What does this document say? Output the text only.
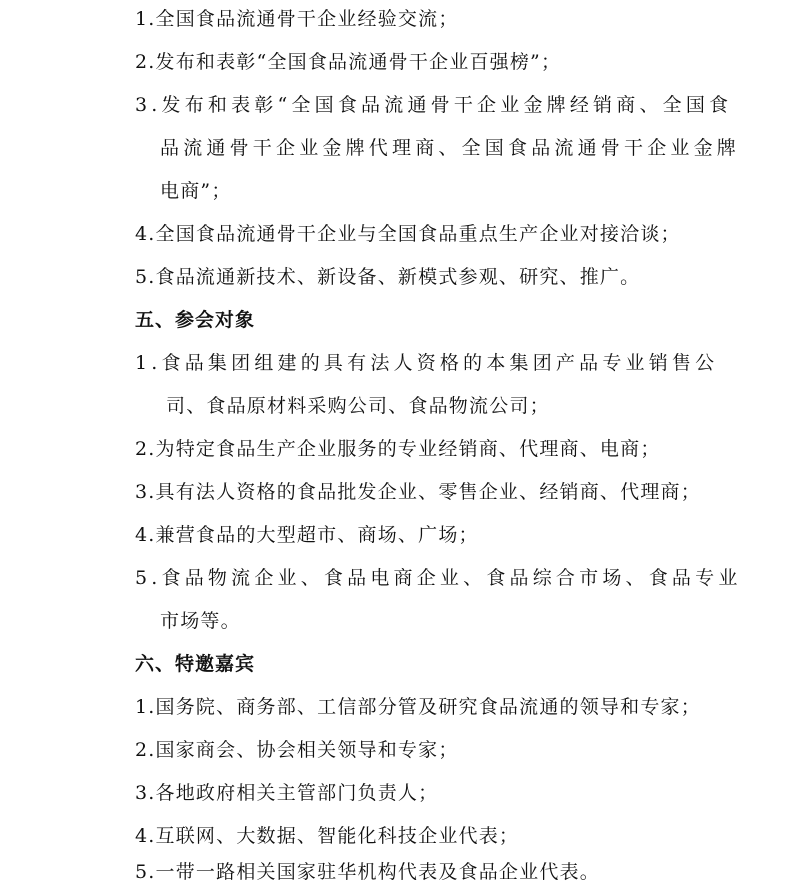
1.全国食品流通骨干企业经验交流；
2.发布和表彰“全国食品流通骨干企业百强榜”；
3.发布和表彰“全国食品流通骨干企业金牌经销商、全国食
品流通骨干企业金牌代理商、全国食品流通骨干企业金牌
电商”；
4.全国食品流通骨干企业与全国食品重点生产企业对接洽谈；
5.食品流通新技术、新设备、新模式参观、研究、推广。
五、参会对象
1.食品集团组建的具有法人资格的本集团产品专业销售公
司、食品原材料采购公司、食品物流公司；
2.为特定食品生产企业服务的专业经销商、代理商、电商；
3.具有法人资格的食品批发企业、零售企业、经销商、代理商；
4.兼营食品的大型超市、商场、广场；
5.食品物流企业、食品电商企业、食品综合市场、食品专业
市场等。
六、特邀嘉宾
1.国务院、商务部、工信部分管及研究食品流通的领导和专家；
2.国家商会、协会相关领导和专家；
3.各地政府相关主管部门负责人；
4.互联网、大数据、智能化科技企业代表；
5.一带一路相关国家驻华机构代表及食品企业代表。
